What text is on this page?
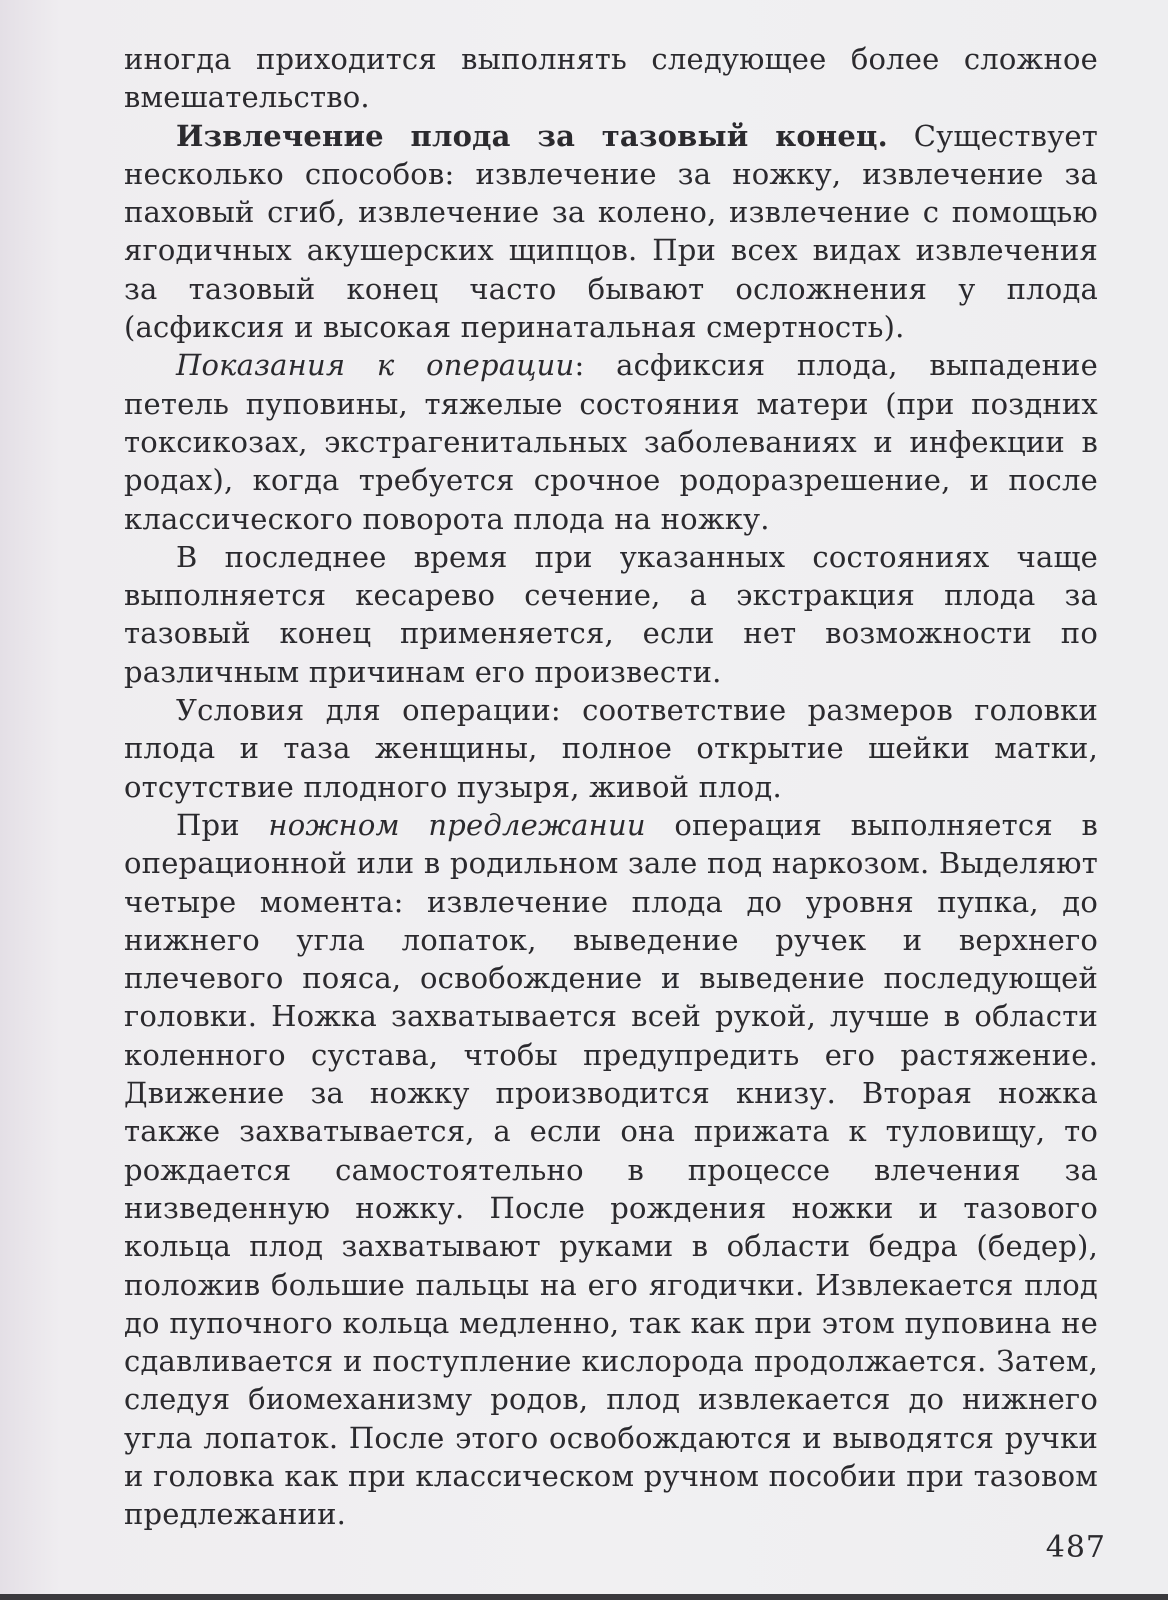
иногда приходится выполнять следующее более сложное вмешательство.

Извлечение плода за тазовый конец. Существует несколько способов: извлечение за ножку, извлечение за паховый сгиб, извлечение за колено, извлечение с помощью ягодичных акушерских щипцов. При всех видах извлечения за тазовый конец часто бывают осложнения у плода (асфиксия и высокая перинатальная смертность).

Показания к операции: асфиксия плода, выпадение петель пуповины, тяжелые состояния матери (при поздних токсикозах, экстрагенитальных заболеваниях и инфекции в родах), когда требуется срочное родоразрешение, и после классического поворота плода на ножку.

В последнее время при указанных состояниях чаще выполняется кесарево сечение, а экстракция плода за тазовый конец применяется, если нет возможности по различным причинам его произвести.

Условия для операции: соответствие размеров головки плода и таза женщины, полное открытие шейки матки, отсутствие плодного пузыря, живой плод.

При ножном предлежании операция выполняется в операционной или в родильном зале под наркозом. Выделяют четыре момента: извлечение плода до уровня пупка, до нижнего угла лопаток, выведение ручек и верхнего плечевого пояса, освобождение и выведение последующей головки. Ножка захватывается всей рукой, лучше в области коленного сустава, чтобы предупредить его растяжение. Движение за ножку производится книзу. Вторая ножка также захватывается, а если она прижата к туловищу, то рождается самостоятельно в процессе влечения за низведенную ножку. После рождения ножки и тазового кольца плод захватывают руками в области бедра (бедер), положив большие пальцы на его ягодички. Извлекается плод до пупочного кольца медленно, так как при этом пуповина не сдавливается и поступление кислорода продолжается. Затем, следуя биомеханизму родов, плод извлекается до нижнего угла лопаток. После этого освобождаются и выводятся ручки и головка как при классическом ручном пособии при тазовом предлежании.

487
